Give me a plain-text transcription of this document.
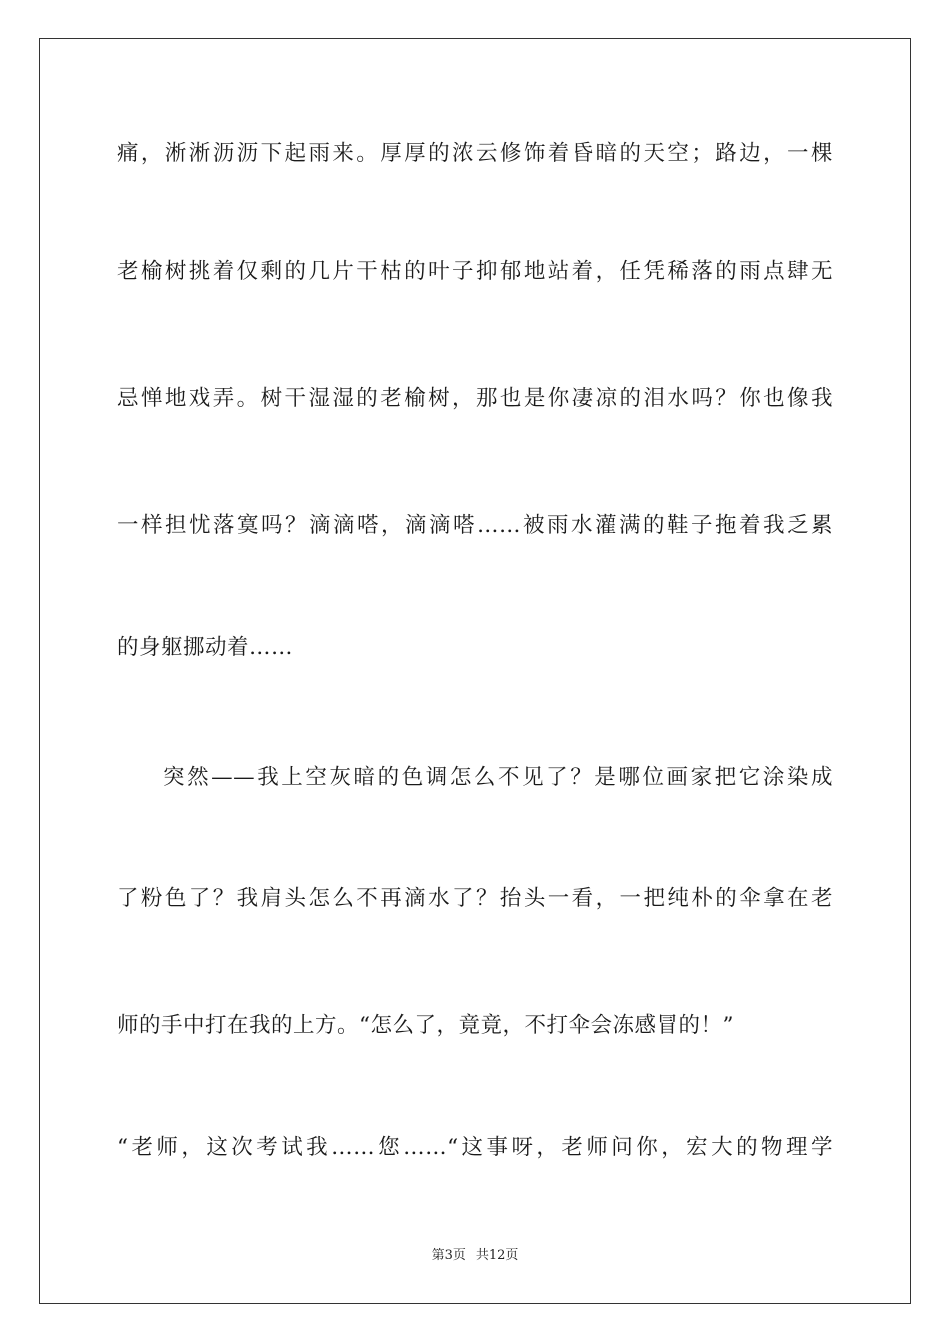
痛，淅淅沥沥下起雨来。厚厚的浓云修饰着昏暗的天空；路边，一棵
老榆树挑着仅剩的几片干枯的叶子抑郁地站着，任凭稀落的雨点肆无
忌惮地戏弄。树干湿湿的老榆树，那也是你凄凉的泪水吗？你也像我
一样担忧落寞吗？滴滴嗒，滴滴嗒……被雨水灌满的鞋子拖着我乏累
的身躯挪动着……
突然——我上空灰暗的色调怎么不见了？是哪位画家把它涂染成
了粉色了？我肩头怎么不再滴水了？抬头一看，一把纯朴的伞拿在老
师的手中打在我的上方。“怎么了，竟竟，不打伞会冻感冒的！”
“老师，这次考试我……您……“这事呀，老师问你，宏大的物理学
第3页 共12页
